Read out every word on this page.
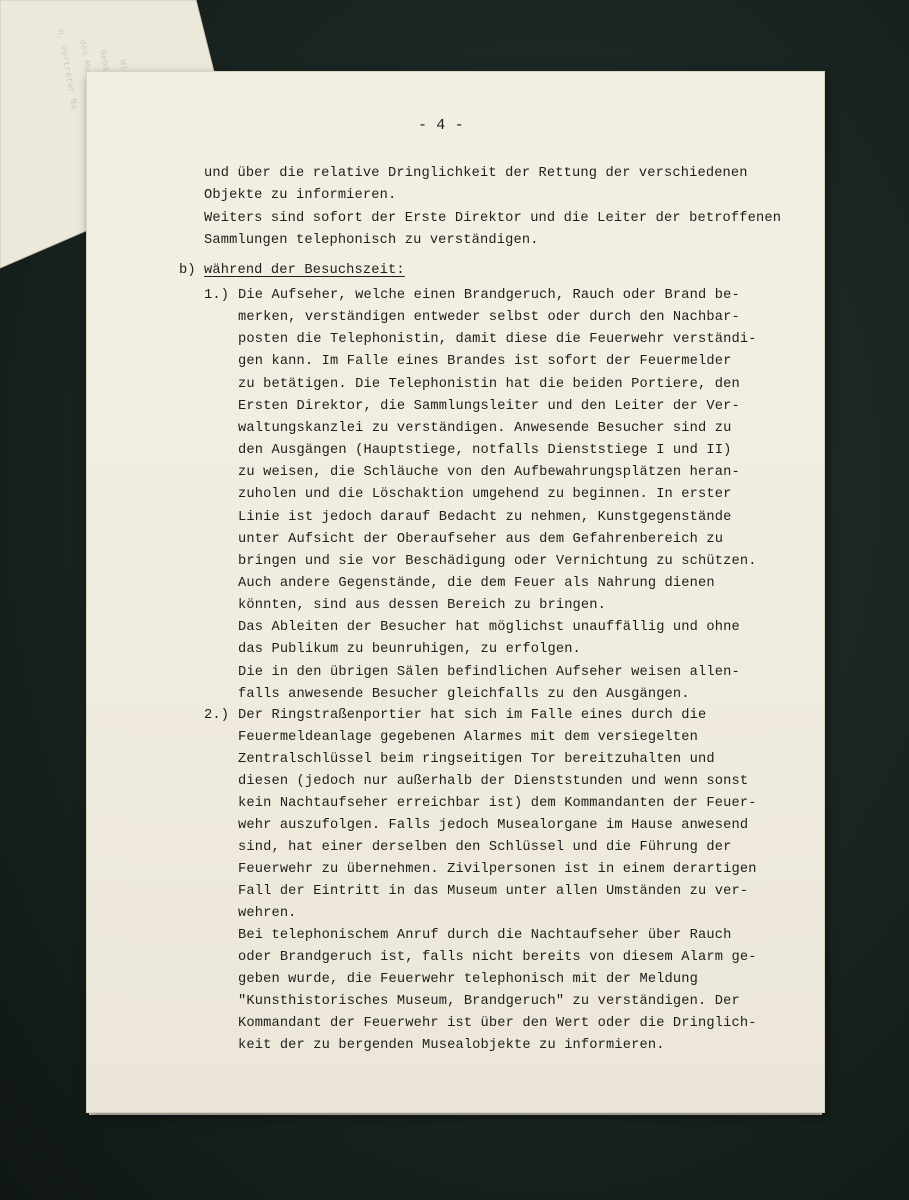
n, Vertreter Ba
des
- 4 -
und über die relative Dringlichkeit der Rettung der verschiedenen
Objekte zu informieren.
Weiters sind sofort der Erste Direktor und die Leiter der betroffenen
Sammlungen telephonisch zu verständigen.
b) während der Besuchszeit:
1.) Die Aufseher, welche einen Brandgeruch, Rauch oder Brand be-
merken, verständigen entweder selbst oder durch den Nachbar-
posten die Telephonistin, damit diese die Feuerwehr verständi-
gen kann. Im Falle eines Brandes ist sofort der Feuermelder
zu betätigen. Die Telephonistin hat die beiden Portiere, den
Ersten Direktor, die Sammlungsleiter und den Leiter der Ver-
waltungskanzlei zu verständigen. Anwesende Besucher sind zu
den Ausgängen (Hauptstiege, notfalls Dienststiege I und II)
zu weisen, die Schläuche von den Aufbewahrungsplätzen heran-
zuholen und die Löschaktion umgehend zu beginnen. In erster
Linie ist jedoch darauf Bedacht zu nehmen, Kunstgegenstände
unter Aufsicht der Oberaufseher aus dem Gefahrenbereich zu
bringen und sie vor Beschädigung oder Vernichtung zu schützen.
Auch andere Gegenstände, die dem Feuer als Nahrung dienen
könnten, sind aus dessen Bereich zu bringen.
Das Ableiten der Besucher hat möglichst unauffällig und ohne
das Publikum zu beunruhigen, zu erfolgen.
Die in den übrigen Sälen befindlichen Aufseher weisen allen-
falls anwesende Besucher gleichfalls zu den Ausgängen.
2.) Der Ringstraßenportier hat sich im Falle eines durch die
Feuermeldeanlage gegebenen Alarmes mit dem versiegelten
Zentralschlüssel beim ringseitigen Tor bereitzuhalten und
diesen (jedoch nur außerhalb der Dienststunden und wenn sonst
kein Nachtaufseher erreichbar ist) dem Kommandanten der Feuer-
wehr auszufolgen. Falls jedoch Musealorgane im Hause anwesend
sind, hat einer derselben den Schlüssel und die Führung der
Feuerwehr zu übernehmen. Zivilpersonen ist in einem derartigen
Fall der Eintritt in das Museum unter allen Umständen zu ver-
wehren.
Bei telephonischem Anruf durch die Nachtaufseher über Rauch
oder Brandgeruch ist, falls nicht bereits von diesem Alarm ge-
geben wurde, die Feuerwehr telephonisch mit der Meldung
"Kunsthistorisches Museum, Brandgeruch" zu verständigen. Der
Kommandant der Feuerwehr ist über den Wert oder die Dringlich-
keit der zu bergenden Musealobjekte zu informieren.
